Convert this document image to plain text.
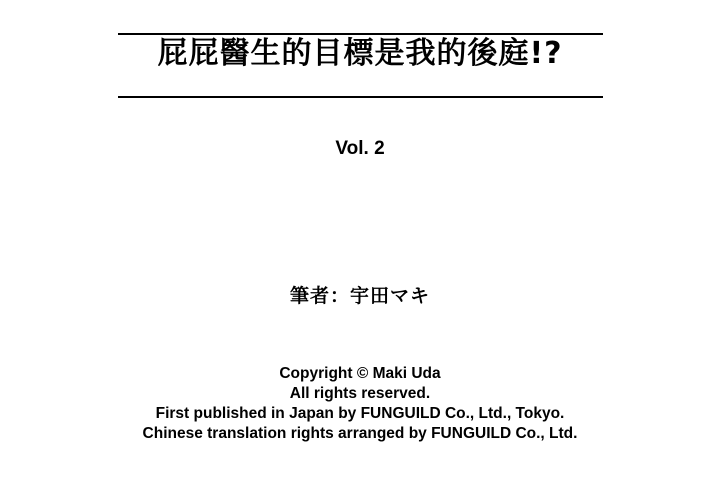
屁屁醫生的目標是我的後庭!?
Vol. 2
筆者：宇田マキ
Copyright © Maki Uda
All rights reserved.
First published in Japan by FUNGUILD Co., Ltd., Tokyo.
Chinese translation rights arranged by FUNGUILD Co., Ltd.
